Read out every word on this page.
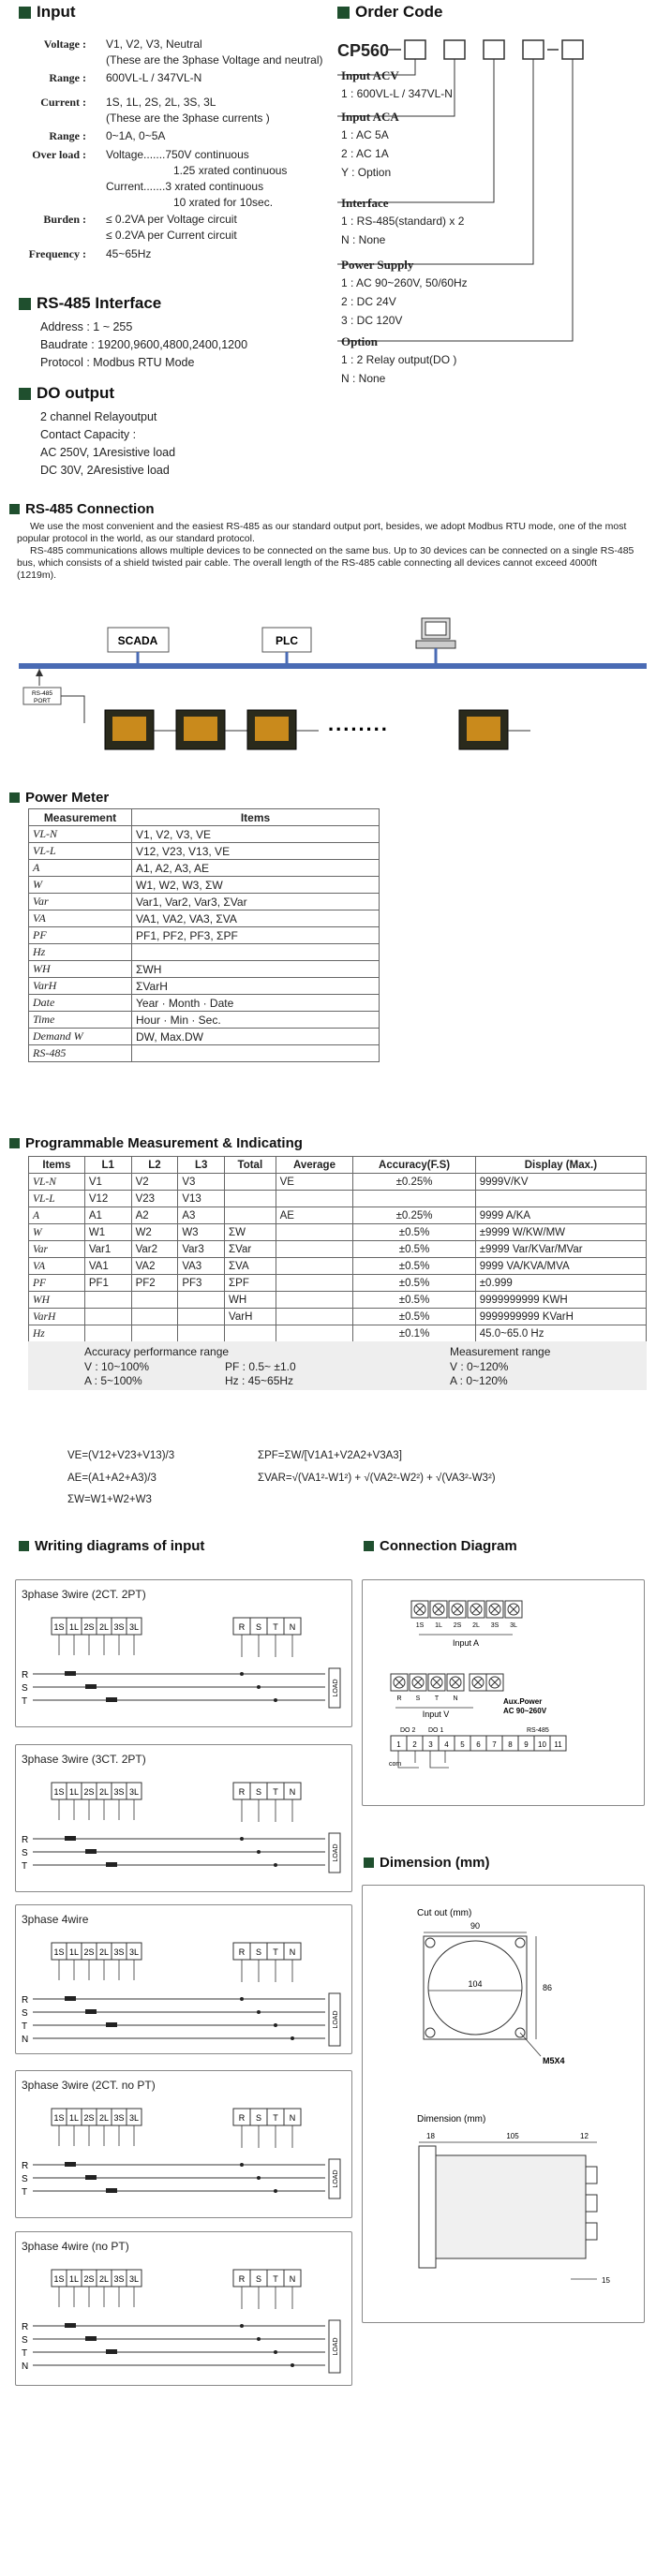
Input
Voltage : V1, V2, V3, Neutral
(These are the 3phase Voltage and neutral)
Range : 600VL-L / 347VL-N
Current : 1S, 1L, 2S, 2L, 3S, 3L
(These are the 3phase currents )
Range : 0~1A, 0~5A
Over load : Voltage.......750V continuous
1.25 xrated continuous
Current.......3 xrated continuous
10 xrated for 10sec.
Burden : ≤ 0.2VA per Voltage circuit
≤ 0.2VA per Current circuit
Frequency : 45~65Hz
Order Code
CP560
Input ACV
1 : 600VL-L / 347VL-N
Input ACA
1 : AC 5A
2 : AC 1A
Y : Option
Interface
1 : RS-485(standard) x 2
N : None
Power Supply
1 : AC 90~260V, 50/60Hz
2 : DC 24V
3 : DC 120V
Option
1 : 2 Relay output(DO )
N : None
RS-485 Interface
Address : 1 ~ 255
Baudrate : 19200,9600,4800,2400,1200
Protocol : Modbus RTU Mode
DO output
2 channel Relayoutput
Contact Capacity :
AC 250V, 1Aresistive load
DC 30V, 2Aresistive load
RS-485 Connection
We use the most convenient and the easiest RS-485 as our standard output port, besides, we adopt Modbus RTU mode, one of the most popular protocol in the world, as our standard protocol.
RS-485 communications allows multiple devices to be connected on the same bus. Up to 30 devices can be connected on a single RS-485 bus, which consists of a shield twisted pair cable. The overall length of the RS-485 cable connecting all devices cannot exceed 4000ft (1219m).
SCADA	PLC
RS-485
PORT
RS-485 PORT	........
Power Meter
Measurement	Items
VL-N	V1, V2, V3, VE
VL-L	V12, V23, V13, VE
A	A1, A2, A3, AE
W	W1, W2, W3, ΣW
Var	Var1, Var2, Var3, ΣVar
VA	VA1, VA2, VA3, ΣVA
PF	PF1, PF2, PF3, ΣPF
Hz	
WH	ΣWH
VarH	ΣVarH
Date	Year · Month · Date
Time	Hour · Min · Sec.
Demand W	DW, Max.DW
RS-485	
Programmable Measurement & Indicating
Items	L1	L2	L3	Total	Average	Accuracy(F.S)	Display (Max.)
VL-N	V1	V2	V3		VE	±0.25%	9999V/KV
VL-L	V12	V23	V13				
A	A1	A2	A3		AE	±0.25%	9999 A/KA
W	W1	W2	W3	ΣW		±0.5%	±9999 W/KW/MW
Var	Var1	Var2	Var3	ΣVar		±0.5%	±9999 Var/KVar/MVar
VA	VA1	VA2	VA3	ΣVA		±0.5%	9999 VA/KVA/MVA
PF	PF1	PF2	PF3	ΣPF		±0.5%	±0.999
WH				WH		±0.5%	9999999999 KWH
VarH				VarH		±0.5%	9999999999 KVarH
Hz						±0.1%	45.0~65.0 Hz
Accuracy performance range
V : 10~100%
A : 5~100%
PF : 0.5~ ±1.0
Hz : 45~65Hz
Measurement range
V : 0~120%
A : 0~120%
VE=(V12+V23+V13)/3
AE=(A1+A2+A3)/3
ΣW=W1+W2+W3
ΣPF=ΣW/[V1A1+V2A2+V3A3]
ΣVAR=√(VA1²-W1²) + √(VA2²-W2²) + √(VA3²-W3²)
Writing diagrams of input
3phase 3wire (2CT. 2PT)
1S 1L 2S 2L 3S 3L	R S T N
R
S
T
LOAD
3phase 3wire (3CT. 2PT)
1S 1L 2S 2L 3S 3L	R S T N
R
S
T
LOAD
3phase 4wire
1S 1L 2S 2L 3S 3L	R S T N
R
S
T
N
LOAD
3phase 3wire (2CT. no PT)
1S 1L 2S 2L 3S 3L	R S T N
R
S
T
LOAD
3phase 4wire (no PT)
1S 1L 2S 2L 3S 3L	R S T N
R
S
T
N
LOAD
Connection Diagram
Input A
Input V
Aux.Power
AC 90~260V
DO 2 DO 1	RS-485
com
1S 1L 2S 2L 3S 3L
R S T N
1 2 3 4 5 6 7 8 9 10 11
Dimension (mm)
Cut out (mm)
90
104	86
M5X4
Dimension (mm)
18	105	12
15
